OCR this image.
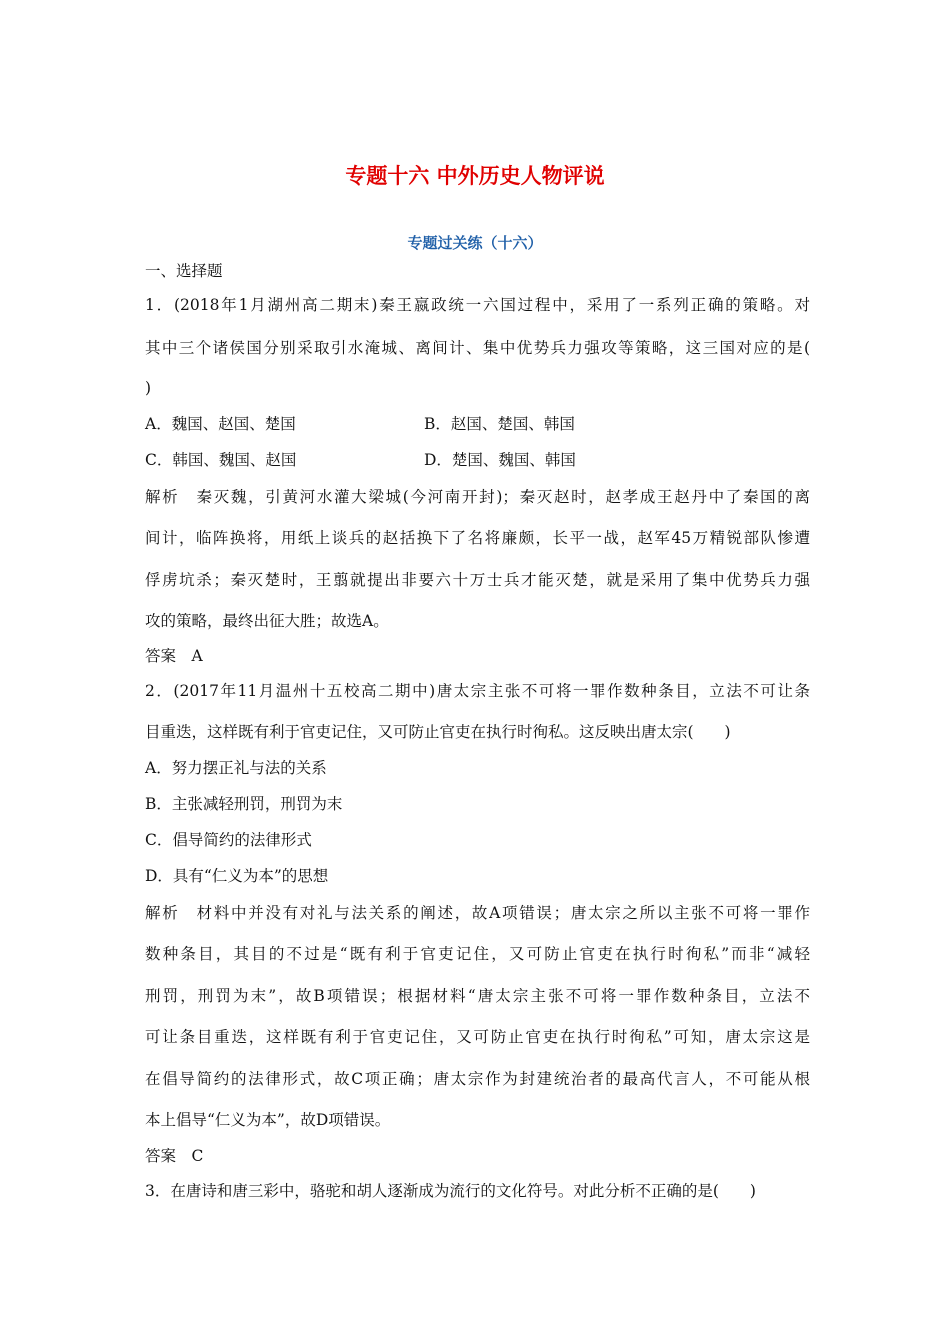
专题十六 中外历史人物评说
专题过关练（十六）
一、选择题
1．(2018年1月湖州高二期末)秦王嬴政统一六国过程中，采用了一系列正确的策略。对
其中三个诸侯国分别采取引水淹城、离间计、集中优势兵力强攻等策略，这三国对应的是(
)
A．魏国、赵国、楚国	B．赵国、楚国、韩国
C．韩国、魏国、赵国	D．楚国、魏国、韩国
解析　秦灭魏，引黄河水灌大梁城(今河南开封)；秦灭赵时，赵孝成王赵丹中了秦国的离
间计，临阵换将，用纸上谈兵的赵括换下了名将廉颇，长平一战，赵军45万精锐部队惨遭
俘虏坑杀；秦灭楚时，王翦就提出非要六十万士兵才能灭楚，就是采用了集中优势兵力强
攻的策略，最终出征大胜；故选A。
答案　A
2．(2017年11月温州十五校高二期中)唐太宗主张不可将一罪作数种条目，立法不可让条
目重迭，这样既有利于官吏记住，又可防止官吏在执行时徇私。这反映出唐太宗(　　)
A．努力摆正礼与法的关系
B．主张减轻刑罚，刑罚为末
C．倡导简约的法律形式
D．具有“仁义为本”的思想
解析　材料中并没有对礼与法关系的阐述，故A项错误；唐太宗之所以主张不可将一罪作
数种条目，其目的不过是“既有利于官吏记住，又可防止官吏在执行时徇私”而非“减轻
刑罚，刑罚为末”，故B项错误；根据材料“唐太宗主张不可将一罪作数种条目，立法不
可让条目重迭，这样既有利于官吏记住，又可防止官吏在执行时徇私”可知，唐太宗这是
在倡导简约的法律形式，故C项正确；唐太宗作为封建统治者的最高代言人，不可能从根
本上倡导“仁义为本”，故D项错误。
答案　C
3．在唐诗和唐三彩中，骆驼和胡人逐渐成为流行的文化符号。对此分析不正确的是(　　)
